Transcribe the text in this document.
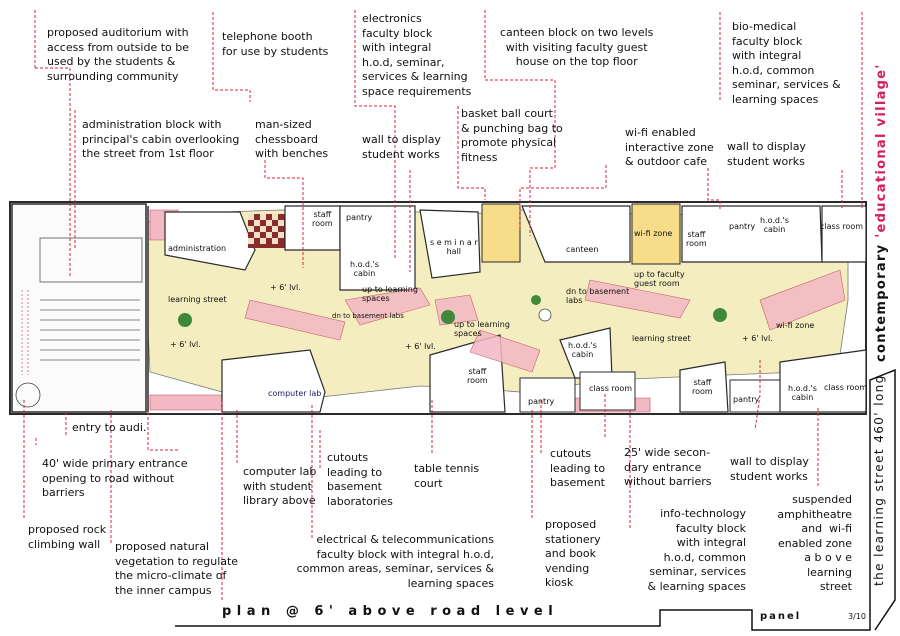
proposed auditorium with
access from outside to be
used by the students &
surrounding community
telephone booth
for use by students
electronics
faculty block
with integral
h.o.d, seminar,
services & learning
space requirements
canteen block on two levels
with visiting faculty guest
house on the top floor
bio-medical
faculty block
with integral
h.o.d, common
seminar, services &
learning spaces
administration block with
principal's cabin overlooking
the street from 1st floor
man-sized
chessboard
with benches
wall to display
student works
basket ball court
& punching bag to
promote physical
fitness
wi-fi enabled
interactive zone
& outdoor cafe
wall to display
student works
entry to audi.
40' wide primary entrance
opening to road without
barriers
computer lab
with student
library above
cutouts
leading to
basement
laboratories
table tennis
court
cutouts
leading to
basement
25' wide secon-
dary entrance
without barriers
wall to display
student works
suspended
amphitheatre
and  wi-fi
enabled zone
a b o v e
learning
street
proposed rock
climbing wall	proposed natural
vegetation to regulate
the micro-climate of
the inner campus
electrical & telecommunications
faculty block with integral h.o.d,
common areas, seminar, services &
learning spaces
proposed
stationery
and book
vending
kiosk
info-technology
faculty block
with integral
h.o.d, common
seminar, services
& learning spaces
administration
staff
room
pantry
h.o.d.'s
cabin
s e m i n a r
hall	canteen
wi-fi zone staff
room
pantry
h.o.d.'s
cabin	class room
+ 6' lvl.
learning street
up to learning
spaces
dn to basement labs
dn to basement
labs
up to faculty
guest room
+ 6' lvl.
up to learning
spaces
+ 6' lvl.	h.o.d.'s
cabin
learning street	+ 6' lvl.
wi-fi zone
computer lab
staff
room
pantry
class room
staff
room
pantry
h.o.d.'s
cabin
class room
plan @ 6' above road level	panel	3/10
the learning street 460' long
contemporary 'educational village'
